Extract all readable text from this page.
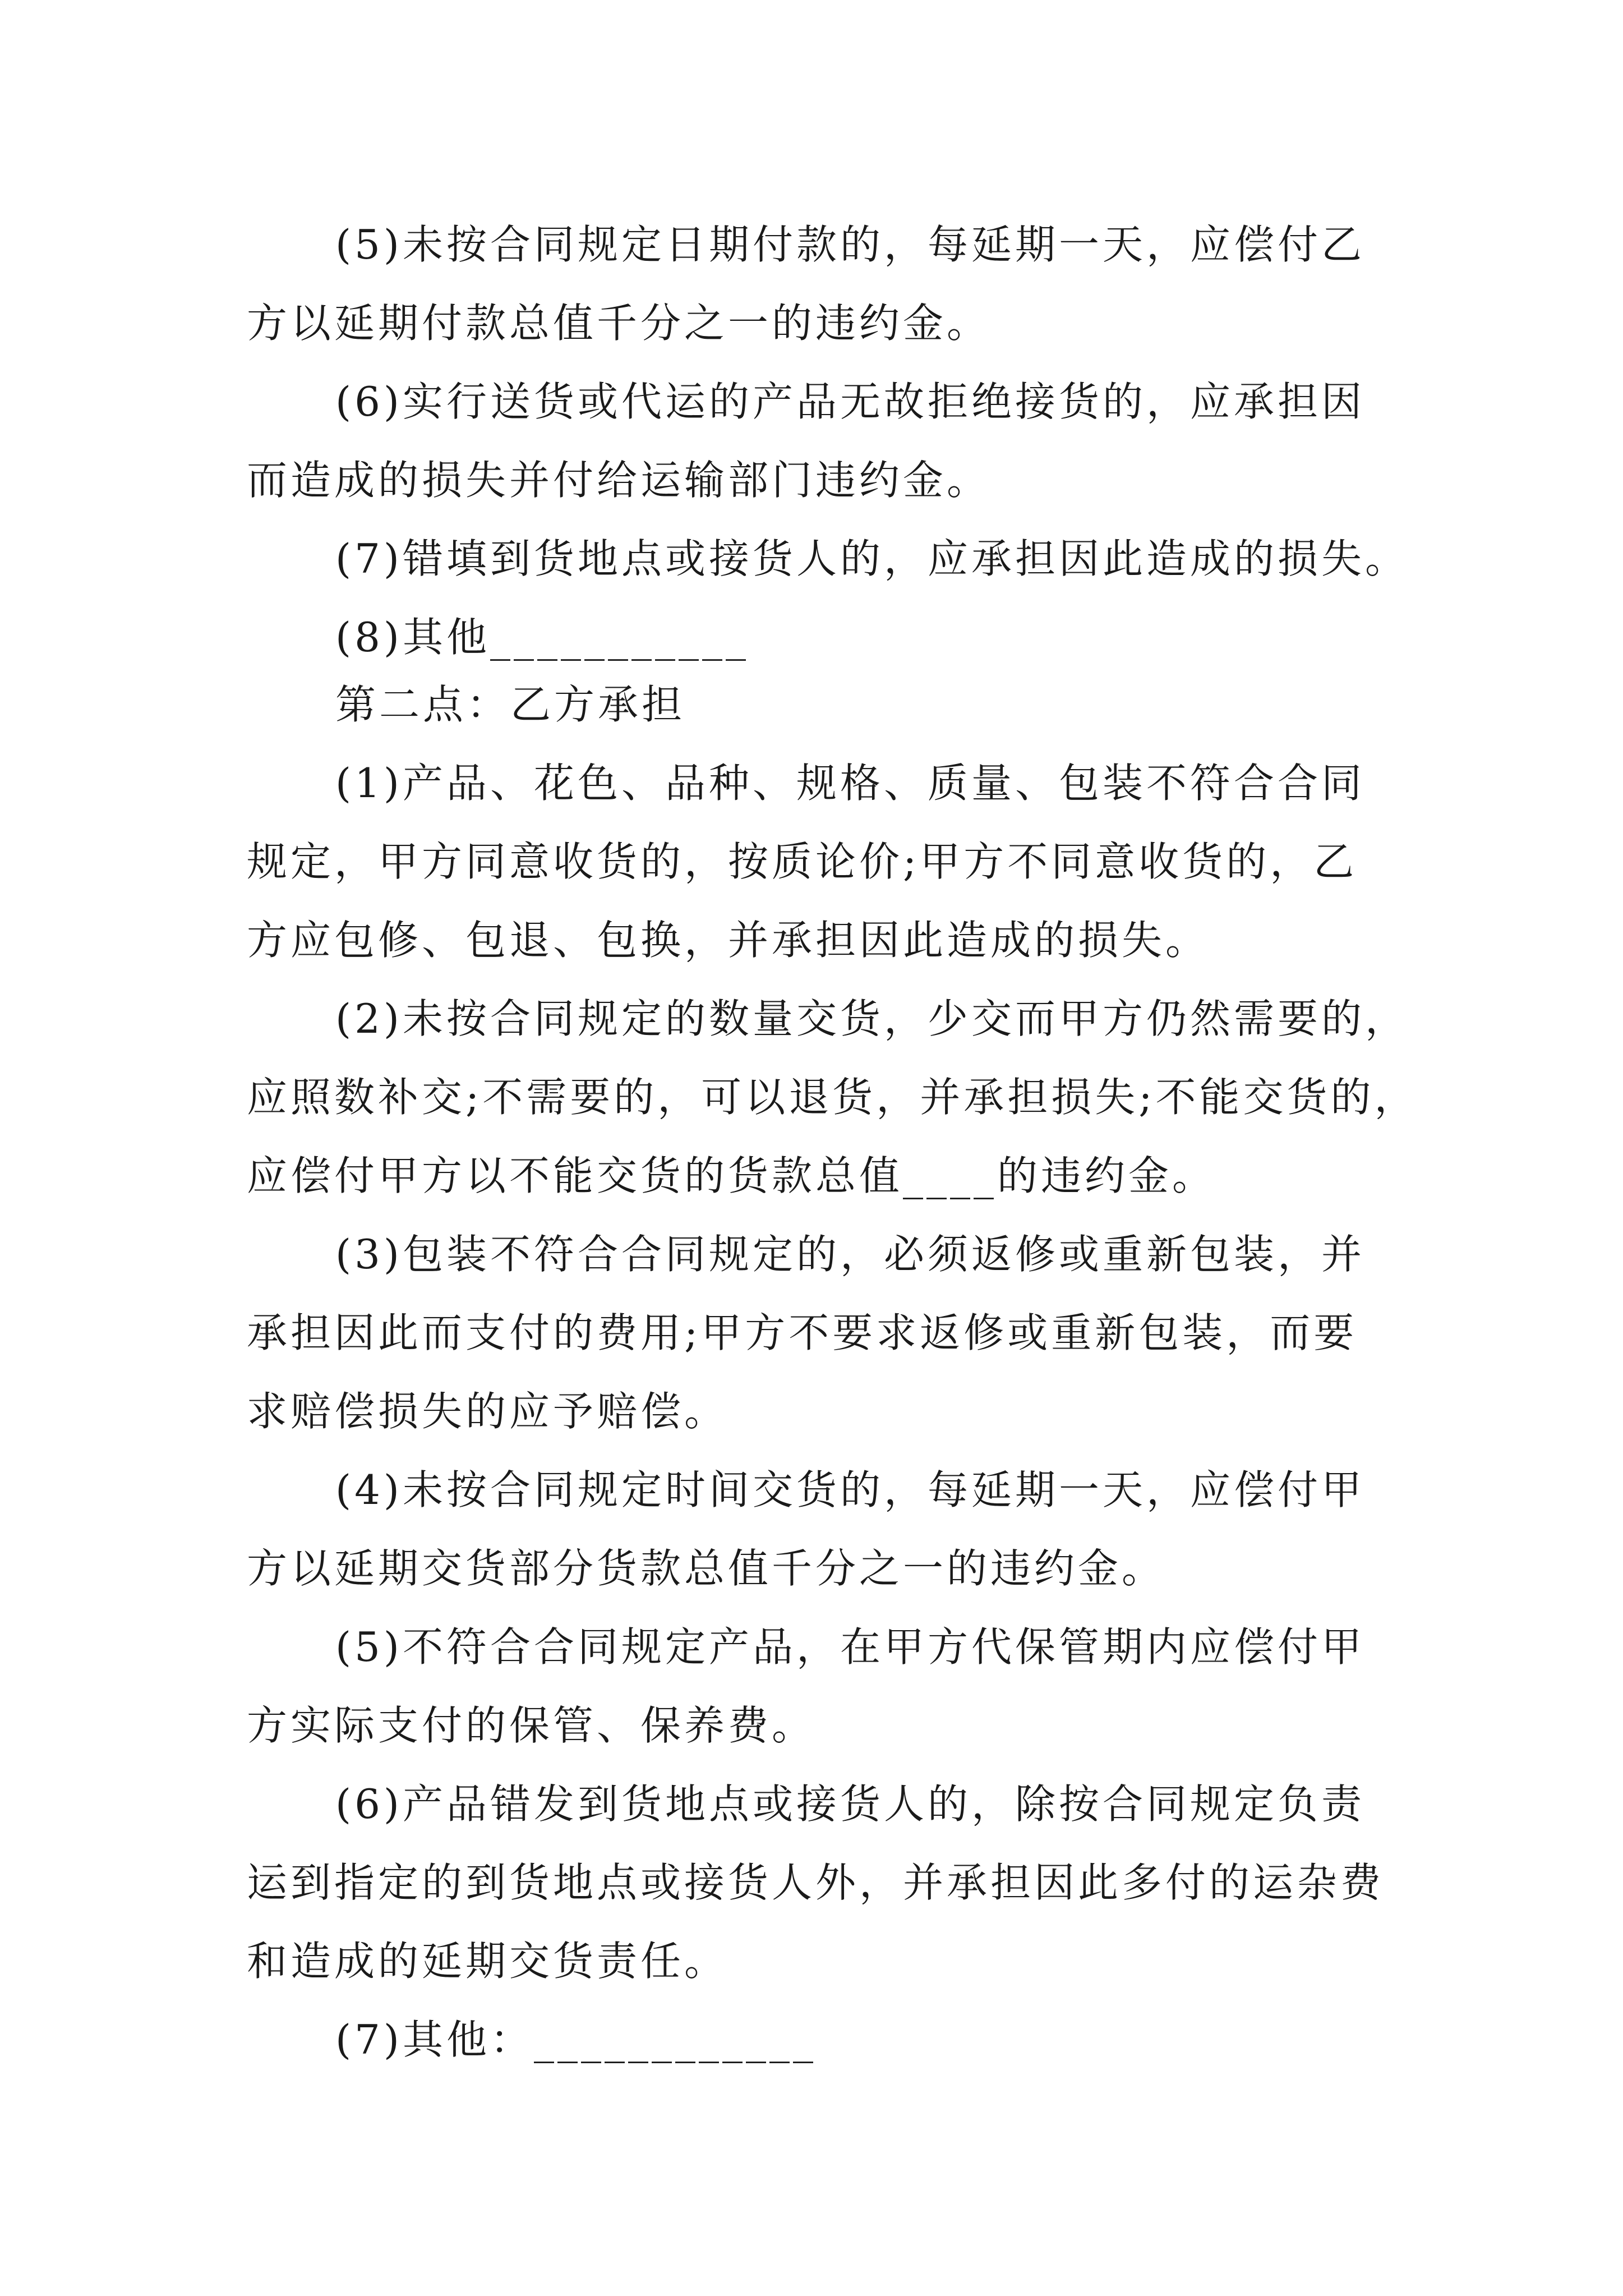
(5)未按合同规定日期付款的，每延期一天，应偿付乙
方以延期付款总值千分之一的违约金。
(6)实行送货或代运的产品无故拒绝接货的，应承担因
而造成的损失并付给运输部门违约金。
(7)错填到货地点或接货人的，应承担因此造成的损失。
(8)其他___________
第二点：乙方承担
(1)产品、花色、品种、规格、质量、包装不符合合同
规定，甲方同意收货的，按质论价;甲方不同意收货的，乙
方应包修、包退、包换，并承担因此造成的损失。
(2)未按合同规定的数量交货，少交而甲方仍然需要的，
应照数补交;不需要的，可以退货，并承担损失;不能交货的，
应偿付甲方以不能交货的货款总值____的违约金。
(3)包装不符合合同规定的，必须返修或重新包装，并
承担因此而支付的费用;甲方不要求返修或重新包装，而要
求赔偿损失的应予赔偿。
(4)未按合同规定时间交货的，每延期一天，应偿付甲
方以延期交货部分货款总值千分之一的违约金。
(5)不符合合同规定产品，在甲方代保管期内应偿付甲
方实际支付的保管、保养费。
(6)产品错发到货地点或接货人的，除按合同规定负责
运到指定的到货地点或接货人外，并承担因此多付的运杂费
和造成的延期交货责任。
(7)其他：____________
